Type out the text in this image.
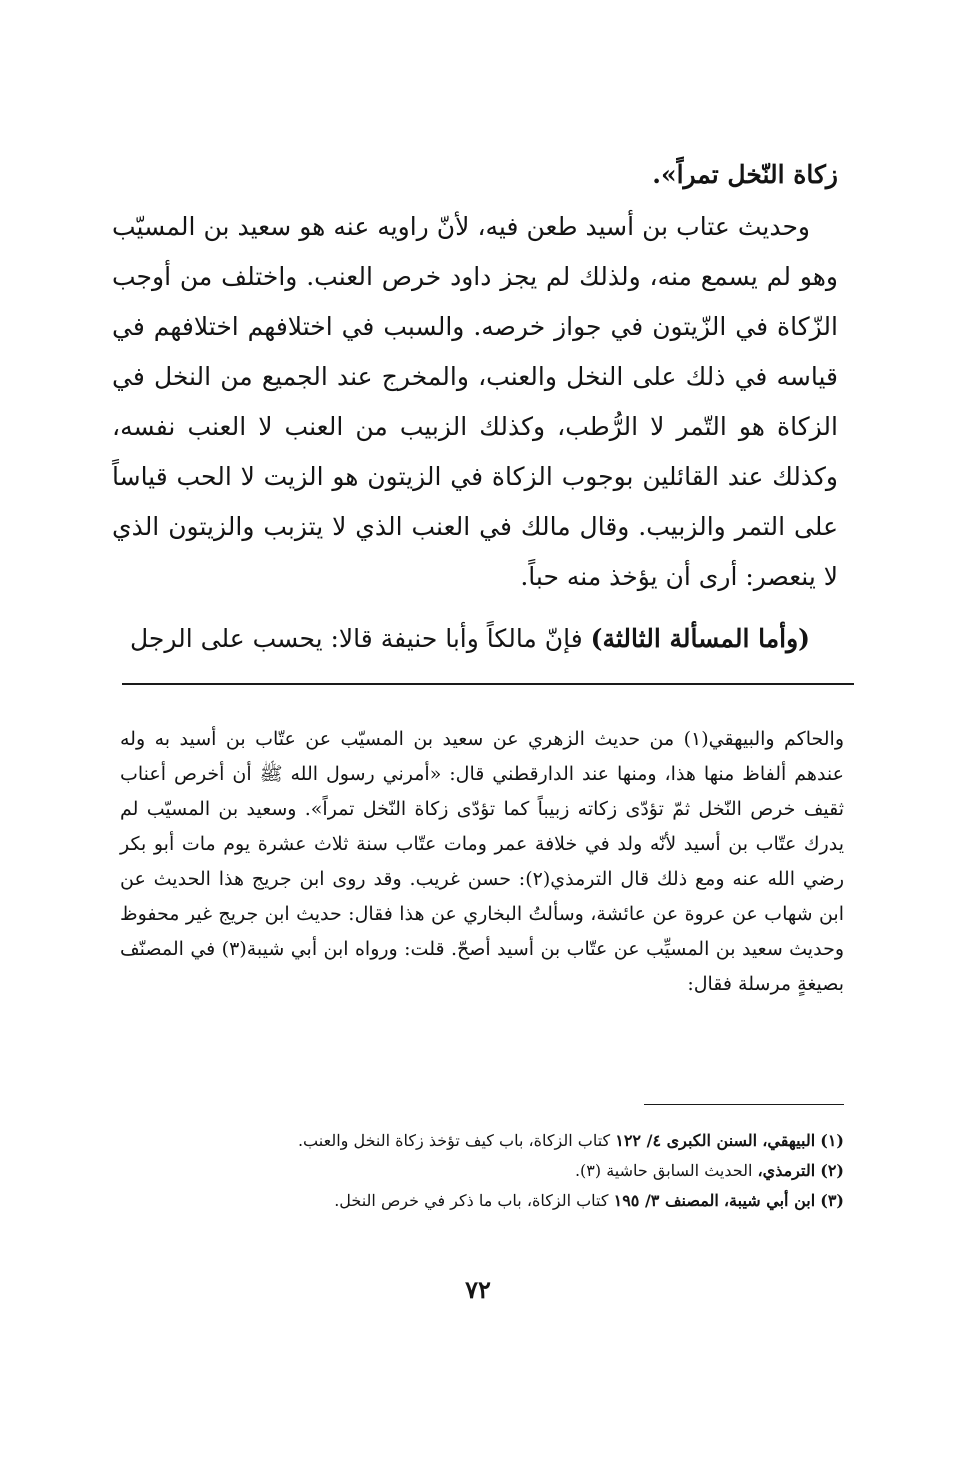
زكاة النّخل تمراً».

وحديث عتاب بن أسيد طعن فيه، لأنّ راويه عنه هو سعيد بن المسيّب وهو لم يسمع منه، ولذلك لم يجز داود خرص العنب. واختلف من أوجب الزّكاة في الزّيتون في جواز خرصه. والسبب في اختلافهم اختلافهم في قياسه في ذلك على النخل والعنب، والمخرج عند الجميع من النخل في الزكاة هو التّمر لا الرُّطب، وكذلك الزبيب من العنب لا العنب نفسه، وكذلك عند القائلين بوجوب الزكاة في الزيتون هو الزيت لا الحب قياساً على التمر والزبيب. وقال مالك في العنب الذي لا يتزبب والزيتون الذي لا ينعصر: أرى أن يؤخذ منه حباً.

(وأما المسألة الثالثة) فإنّ مالكاً وأبا حنيفة قالا: يحسب على الرجل

والحاكم والبيهقي(١) من حديث الزهري عن سعيد بن المسيّب عن عتّاب بن أسيد به وله عندهم ألفاظ منها هذا، ومنها عند الدارقطني قال: «أمرني رسول الله ﷺ أن أخرص أعناب ثقيف خرص النّخل ثمّ تؤدّى زكاته زبيباً كما تؤدّى زكاة النّخل تمراً». وسعيد بن المسيّب لم يدرك عتّاب بن أسيد لأنّه ولد في خلافة عمر ومات عتّاب سنة ثلاث عشرة يوم مات أبو بكر رضي الله عنه ومع ذلك قال الترمذي(٢): حسن غريب. وقد روى ابن جريج هذا الحديث عن ابن شهاب عن عروة عن عائشة، وسألتُ البخاري عن هذا فقال: حديث ابن جريج غير محفوظ وحديث سعيد بن المسيِّب عن عتّاب بن أسيد أصحّ. قلت: ورواه ابن أبي شيبة(٣) في المصنّف بصيغةٍ مرسلة فقال:

(١) البيهقي، السنن الكبرى ٤/ ١٢٢ كتاب الزكاة، باب كيف تؤخذ زكاة النخل والعنب.

(٢) الترمذي، الحديث السابق حاشية (٣).

(٣) ابن أبي شيبة، المصنف ٣/ ١٩٥ كتاب الزكاة، باب ما ذكر في خرص النخل.

٧٢
